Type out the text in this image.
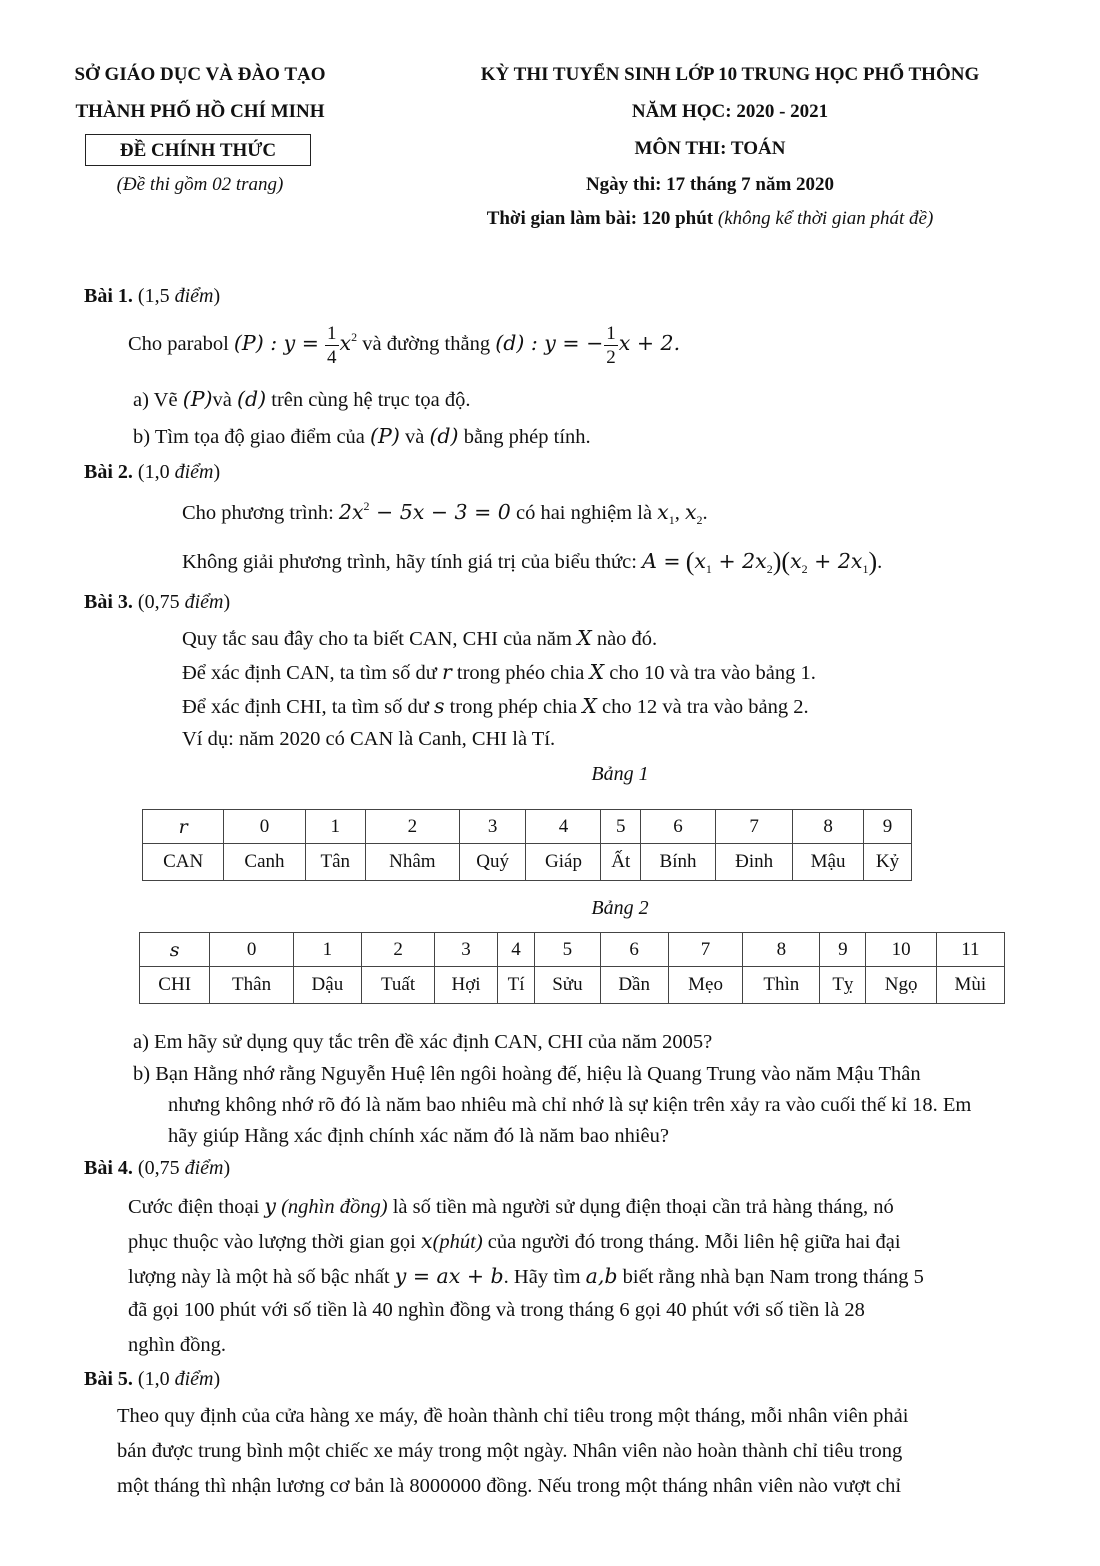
SỞ GIÁO DỤC VÀ ĐÀO TẠO
THÀNH PHỐ HỒ CHÍ MINH
ĐỀ CHÍNH THỨC
(Đề thi gồm 02 trang)
KỲ THI TUYỂN SINH LỚP 10 TRUNG HỌC PHỔ THÔNG
NĂM HỌC: 2020 - 2021
MÔN THI: TOÁN
Ngày thi: 17 tháng 7 năm 2020
Thời gian làm bài: 120 phút (không kể thời gian phát đề)
Bài 1. (1,5 điểm)
Cho parabol (P) : $y = \frac{1}{4} x^2$ và đường thẳng (d) : y = − $\frac{1}{2}$ x + 2.
a) Vẽ (P)và (d) trên cùng hệ trục tọa độ.
b) Tìm tọa độ giao điểm của (P) và (d) bằng phép tính.
Bài 2. (1,0 điểm)
Cho phương trình: $2x^2 - 5x - 3 = 0$ có hai nghiệm là $x_1$, $x_2$.
Không giải phương trình, hãy tính giá trị của biểu thức: $A = (x_1 + 2x_2)(x_2 + 2x_1)$.
Bài 3. (0,75 điểm)
Quy tắc sau đây cho ta biết CAN, CHI của năm X nào đó.
Để xác định CAN, ta tìm số dư r trong phéo chia X cho 10 và tra vào bảng 1.
Để xác định CHI, ta tìm số dư s trong phép chia X cho 12 và tra vào bảng 2.
Ví dụ: năm 2020 có CAN là Canh, CHI là Tí.
Bảng 1
r	0	1	2	3	4	5	6	7	8	9
CAN	Canh	Tân	Nhâm	Quý	Giáp	Ất	Bính	Đinh	Mậu	Kỷ
Bảng 2
s	0	1	2	3	4	5	6	7	8	9	10	11
CHI	Thân	Dậu	Tuất	Hợi	Tí	Sửu	Dần	Mẹo	Thìn	Tỵ	Ngọ	Mùi
a) Em hãy sử dụng quy tắc trên đề xác định CAN, CHI của năm 2005?
b) Bạn Hằng nhớ rằng Nguyễn Huệ lên ngôi hoàng đế, hiệu là Quang Trung vào năm Mậu Thân
nhưng không nhớ rõ đó là năm bao nhiêu mà chỉ nhớ là sự kiện trên xảy ra vào cuối thế kỉ 18. Em
hãy giúp Hằng xác định chính xác năm đó là năm bao nhiêu?
Bài 4. (0,75 điểm)
Cước điện thoại y (nghìn đồng) là số tiền mà người sử dụng điện thoại cần trả hàng tháng, nó
phục thuộc vào lượng thời gian gọi x(phút) của người đó trong tháng. Mỗi liên hệ giữa hai đại
lượng này là một hà số bậc nhất y = ax + b. Hãy tìm a,b biết rằng nhà bạn Nam trong tháng 5
đã gọi 100 phút với số tiền là 40 nghìn đồng và trong tháng 6 gọi 40 phút với số tiền là 28
nghìn đồng.
Bài 5. (1,0 điểm)
Theo quy định của cửa hàng xe máy, đề hoàn thành chỉ tiêu trong một tháng, mỗi nhân viên phải
bán được trung bình một chiếc xe máy trong một ngày. Nhân viên nào hoàn thành chỉ tiêu trong
một tháng thì nhận lương cơ bản là 8000000 đồng. Nếu trong một tháng nhân viên nào vượt chỉ
